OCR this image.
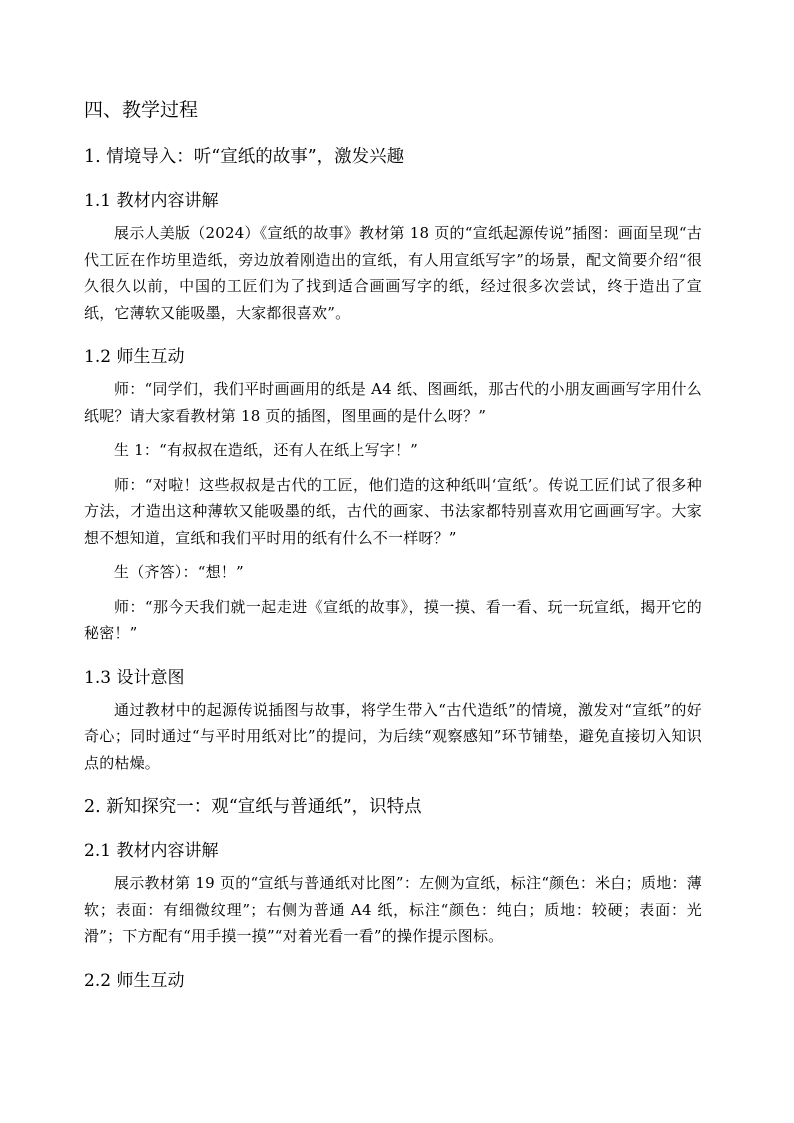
四、教学过程
1. 情境导入：听“宣纸的故事”，激发兴趣
1.1 教材内容讲解
展示人美版（2024）《宣纸的故事》教材第 18 页的“宣纸起源传说”插图：画面呈现“古代工匠在作坊里造纸，旁边放着刚造出的宣纸，有人用宣纸写字”的场景，配文简要介绍“很久很久以前，中国的工匠们为了找到适合画画写字的纸，经过很多次尝试，终于造出了宣纸，它薄软又能吸墨，大家都很喜欢”。
1.2 师生互动
师：“同学们，我们平时画画用的纸是 A4 纸、图画纸，那古代的小朋友画画写字用什么纸呢？请大家看教材第 18 页的插图，图里画的是什么呀？”
生 1：“有叔叔在造纸，还有人在纸上写字！”
师：“对啦！这些叔叔是古代的工匠，他们造的这种纸叫‘宣纸’。传说工匠们试了很多种方法，才造出这种薄软又能吸墨的纸，古代的画家、书法家都特别喜欢用它画画写字。大家想不想知道，宣纸和我们平时用的纸有什么不一样呀？”
生（齐答）：“想！”
师：“那今天我们就一起走进《宣纸的故事》，摸一摸、看一看、玩一玩宣纸，揭开它的秘密！”
1.3 设计意图
通过教材中的起源传说插图与故事，将学生带入“古代造纸”的情境，激发对“宣纸”的好奇心；同时通过“与平时用纸对比”的提问，为后续“观察感知”环节铺垫，避免直接切入知识点的枯燥。
2. 新知探究一：观“宣纸与普通纸”，识特点
2.1 教材内容讲解
展示教材第 19 页的“宣纸与普通纸对比图”：左侧为宣纸，标注“颜色：米白；质地：薄软；表面：有细微纹理”；右侧为普通 A4 纸，标注“颜色：纯白；质地：较硬；表面：光滑”；下方配有“用手摸一摸”“对着光看一看”的操作提示图标。
2.2 师生互动
